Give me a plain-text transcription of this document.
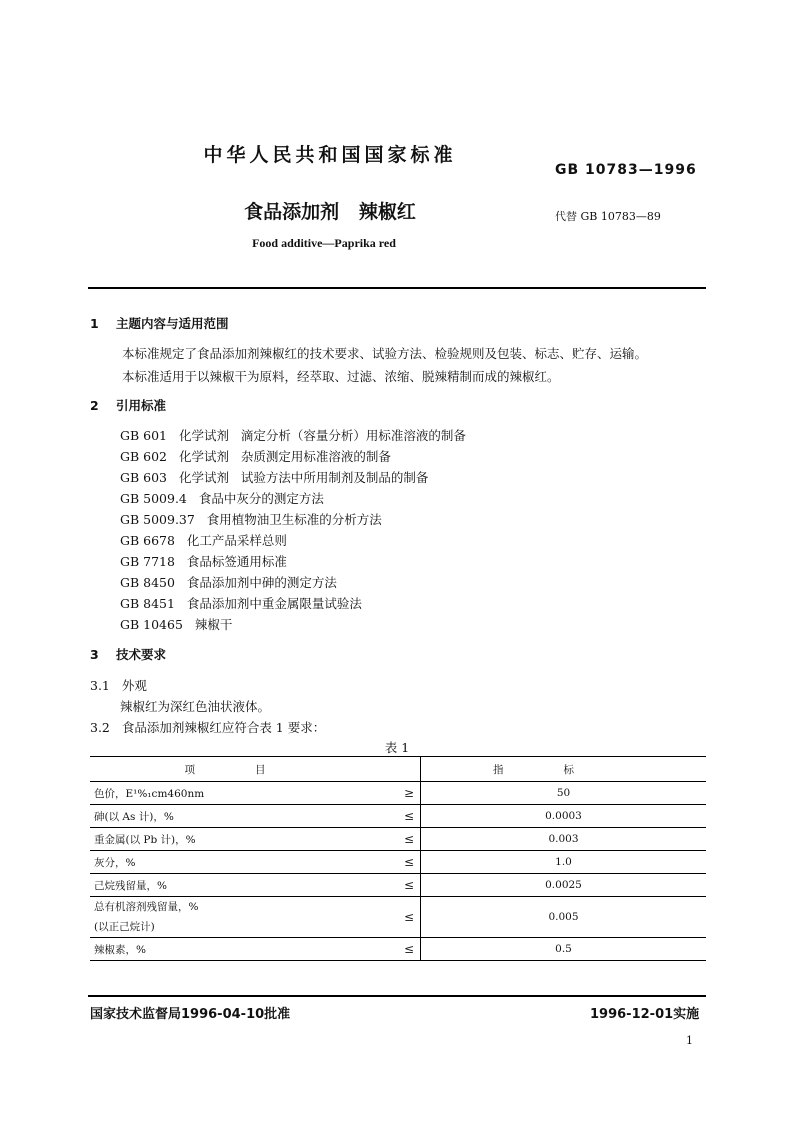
中华人民共和国国家标准
GB 10783—1996
食品添加剂   辣椒红	代替 GB 10783—89
Food additive—Paprika red
1 主题内容与适用范围
本标准规定了食品添加剂辣椒红的技术要求、试验方法、检验规则及包装、标志、贮存、运输。
本标准适用于以辣椒干为原料，经萃取、过滤、浓缩、脱辣精制而成的辣椒红。
2 引用标准
GB 601 化学试剂   滴定分析（容量分析）用标准溶液的制备
GB 602 化学试剂   杂质测定用标准溶液的制备
GB 603 化学试剂   试验方法中所用制剂及制品的制备
GB 5009.4 食品中灰分的测定方法
GB 5009.37 食用植物油卫生标准的分析方法
GB 6678 化工产品采样总则
GB 7718 食品标签通用标准
GB 8450 食品添加剂中砷的测定方法
GB 8451 食品添加剂中重金属限量试验法
GB 10465 辣椒干
3 技术要求
3.1 外观
辣椒红为深红色油状液体。
3.2 食品添加剂辣椒红应符合表 1 要求：
表 1
项目		指标
色价，E¹%₁cm460nm	≥	50
砷(以 As 计)，%	≤	0.0003
重金属(以 Pb 计)，%	≤	0.003
灰分，%	≤	1.0
己烷残留量，%	≤	0.0025

总有机溶剂残留量，%
(以正己烷计)	≤	0.005
辣椒素，%	≤	0.5
国家技术监督局1996-04-10批准	1996-12-01实施
1
